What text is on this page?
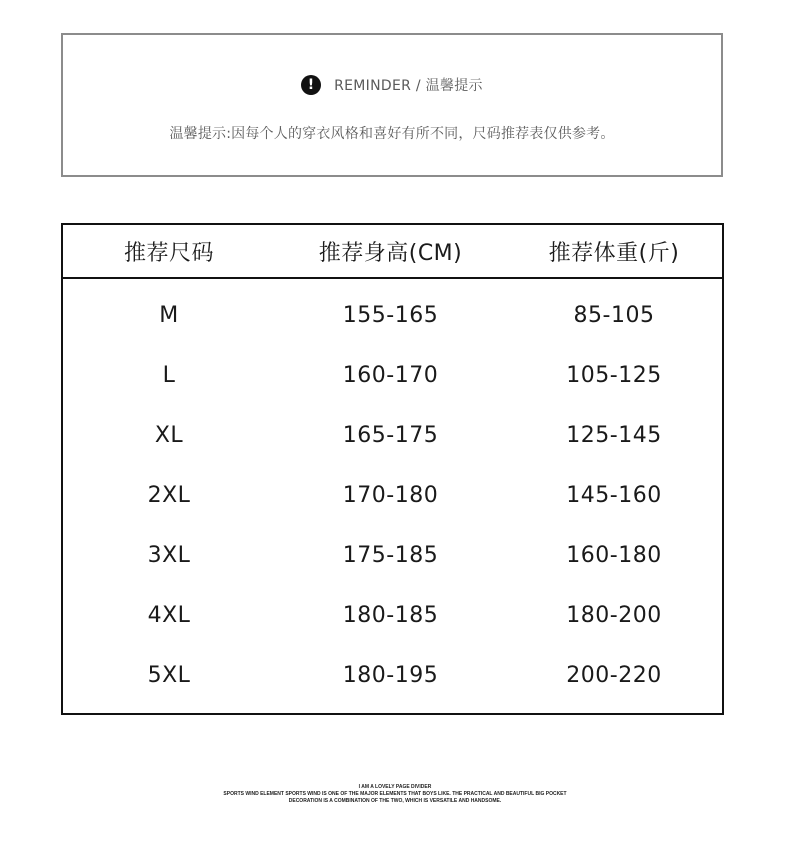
!	REMINDER / 温馨提示
温馨提示:因每个人的穿衣风格和喜好有所不同，尺码推荐表仅供参考。
推荐尺码	推荐身高(CM)	推荐体重(斤)
M	155-165	85-105
L	160-170	105-125
XL	165-175	125-145
2XL	170-180	145-160
3XL	175-185	160-180
4XL	180-185	180-200
5XL	180-195	200-220
I AM A LOVELY PAGE DIVIDER
SPORTS WIND ELEMENT SPORTS WIND IS ONE OF THE MAJOR ELEMENTS THAT BOYS LIKE. THE PRACTICAL AND BEAUTIFUL BIG POCKET
DECORATION IS A COMBINATION OF THE TWO, WHICH IS VERSATILE AND HANDSOME.
